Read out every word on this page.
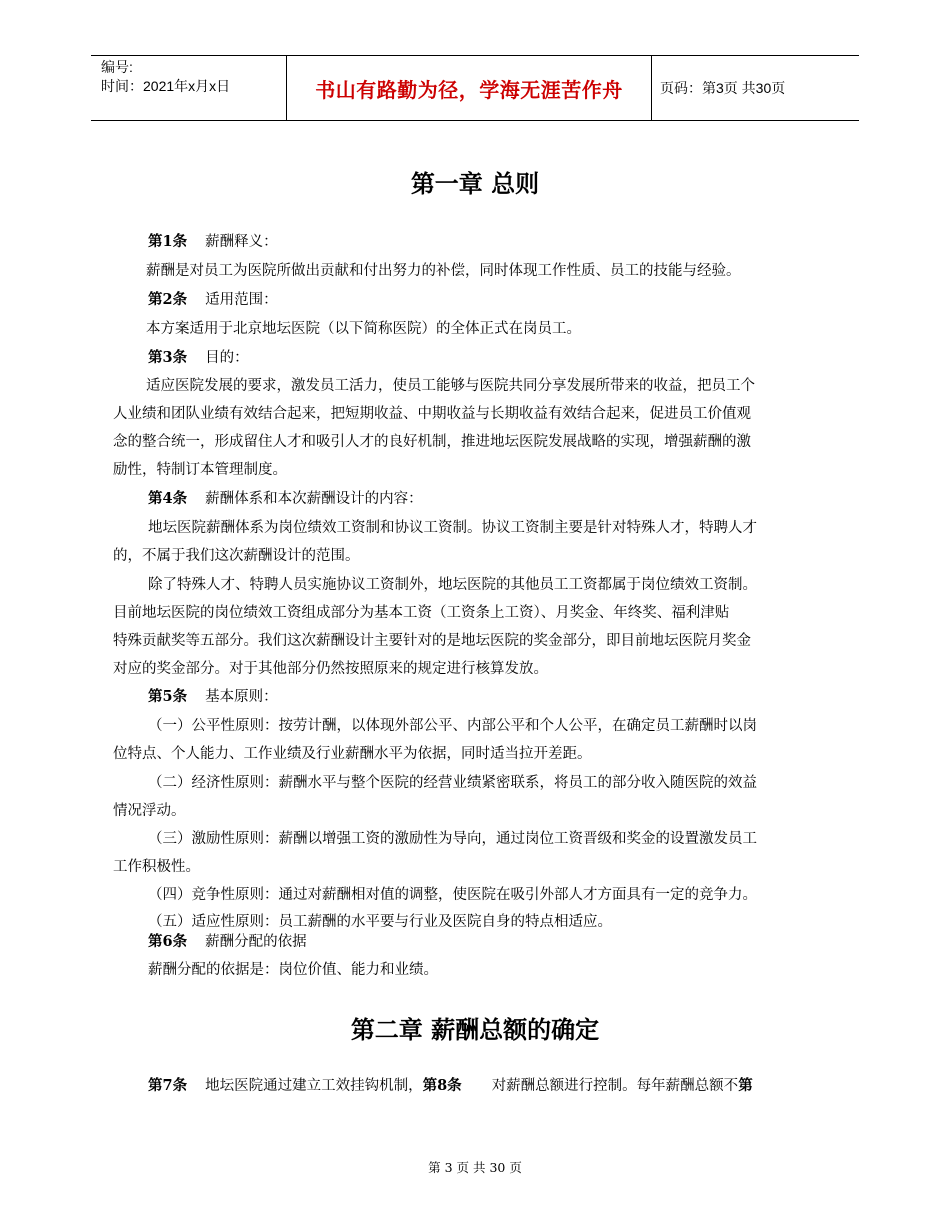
编号:
时间：2021年x月x日	书山有路勤为径，学海无涯苦作舟	页码：第3页 共30页
第一章 总则
第1条 薪酬释义：
薪酬是对员工为医院所做出贡献和付出努力的补偿，同时体现工作性质、员工的技能与经验。
第2条 适用范围：
本方案适用于北京地坛医院（以下简称医院）的全体正式在岗员工。
第3条 目的：
适应医院发展的要求，激发员工活力，使员工能够与医院共同分享发展所带来的收益，把员工个
人业绩和团队业绩有效结合起来，把短期收益、中期收益与长期收益有效结合起来，促进员工价值观
念的整合统一，形成留住人才和吸引人才的良好机制，推进地坛医院发展战略的实现，增强薪酬的激
励性，特制订本管理制度。
第4条 薪酬体系和本次薪酬设计的内容：
地坛医院薪酬体系为岗位绩效工资制和协议工资制。协议工资制主要是针对特殊人才，特聘人才
的，不属于我们这次薪酬设计的范围。
除了特殊人才、特聘人员实施协议工资制外，地坛医院的其他员工工资都属于岗位绩效工资制。
目前地坛医院的岗位绩效工资组成部分为基本工资（工资条上工资）、月奖金、年终奖、福利津贴
特殊贡献奖等五部分。我们这次薪酬设计主要针对的是地坛医院的奖金部分，即目前地坛医院月奖金
对应的奖金部分。对于其他部分仍然按照原来的规定进行核算发放。
第5条 基本原则：
（一）公平性原则：按劳计酬，以体现外部公平、内部公平和个人公平，在确定员工薪酬时以岗
位特点、个人能力、工作业绩及行业薪酬水平为依据，同时适当拉开差距。
（二）经济性原则：薪酬水平与整个医院的经营业绩紧密联系，将员工的部分收入随医院的效益
情况浮动。
（三）激励性原则：薪酬以增强工资的激励性为导向，通过岗位工资晋级和奖金的设置激发员工
工作积极性。
（四）竞争性原则：通过对薪酬相对值的调整，使医院在吸引外部人才方面具有一定的竞争力。
（五）适应性原则：员工薪酬的水平要与行业及医院自身的特点相适应。
第6条 薪酬分配的依据
薪酬分配的依据是：岗位价值、能力和业绩。
第二章 薪酬总额的确定
第7条 地坛医院通过建立工效挂钩机制，第8条 对薪酬总额进行控制。每年薪酬总额不第
第 3 页 共 30 页
